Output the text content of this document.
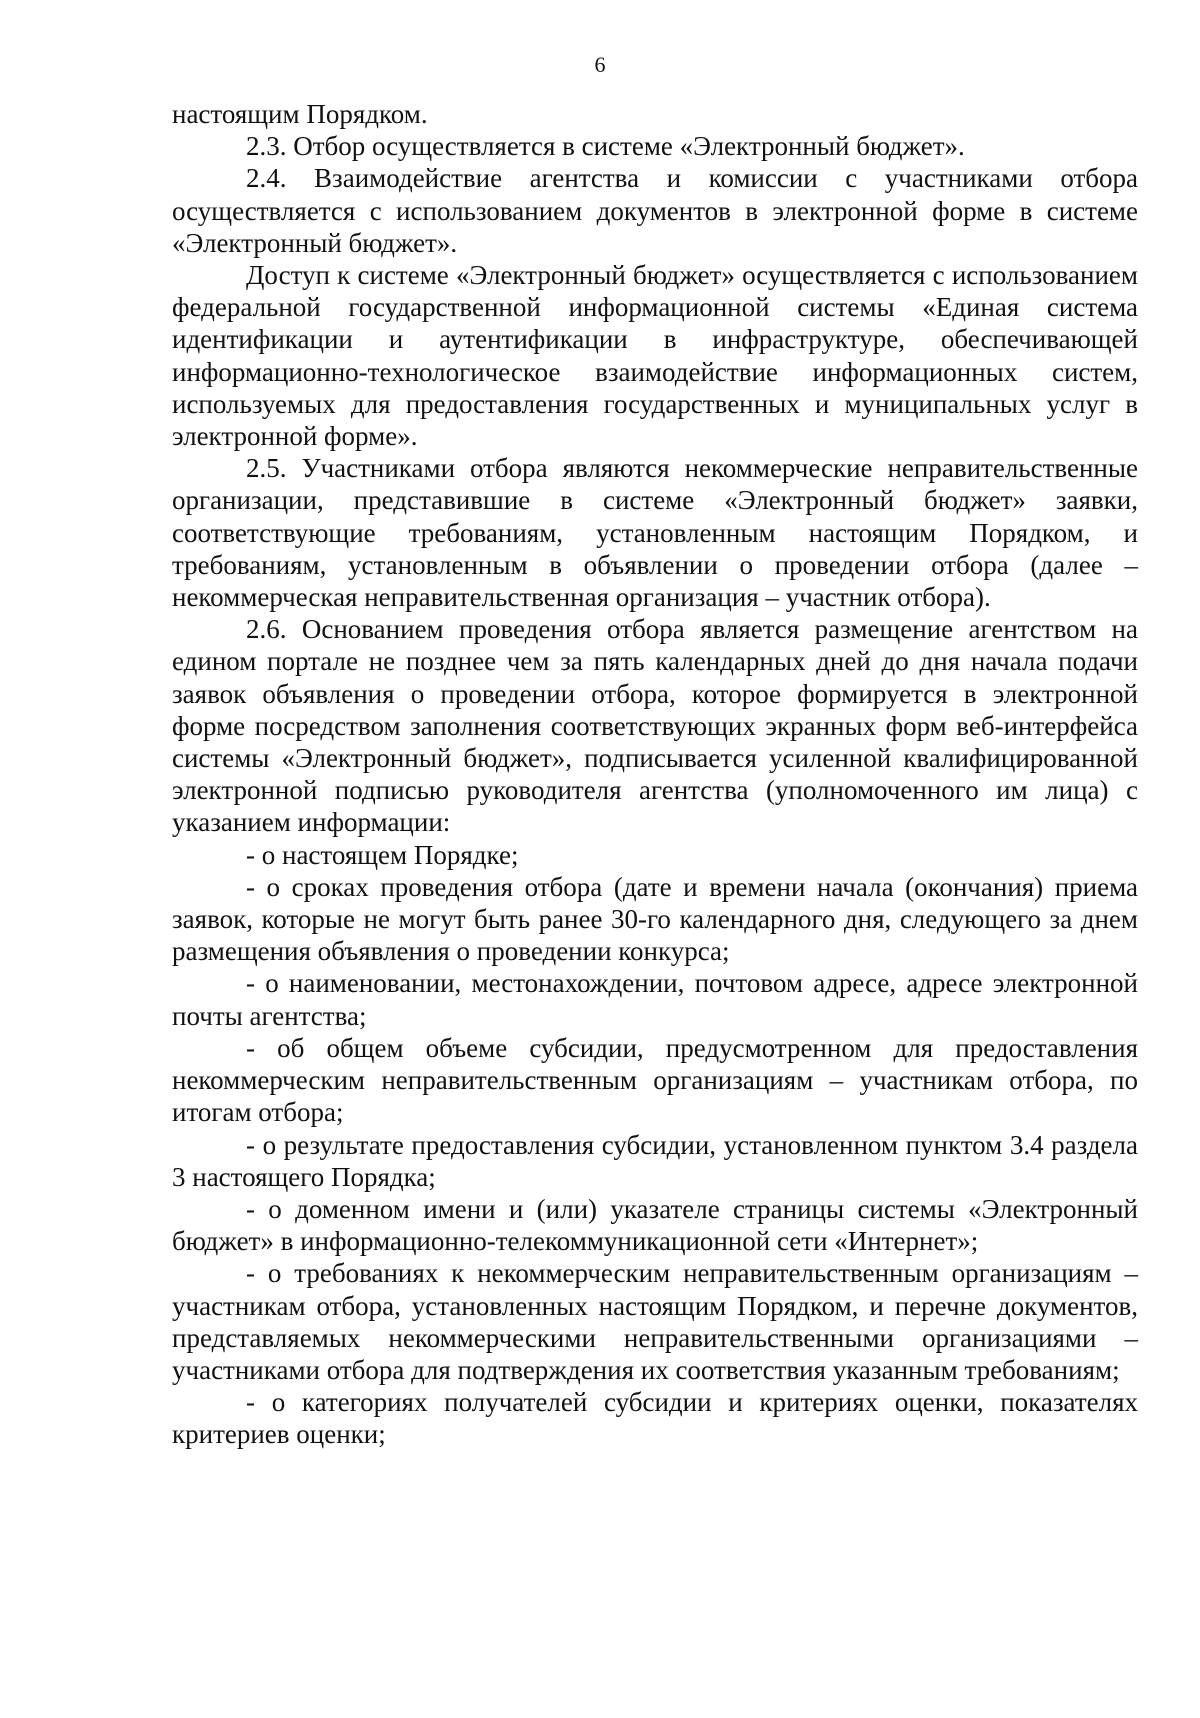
6

настоящим Порядком.

2.3. Отбор осуществляется в системе «Электронный бюджет».

2.4. Взаимодействие агентства и комиссии с участниками отбора осуществляется с использованием документов в электронной форме в системе «Электронный бюджет».

Доступ к системе «Электронный бюджет» осуществляется с использованием федеральной государственной информационной системы «Единая система идентификации и аутентификации в инфраструктуре, обеспечивающей информационно-технологическое взаимодействие информационных систем, используемых для предоставления государственных и муниципальных услуг в электронной форме».

2.5. Участниками отбора являются некоммерческие неправительственные организации, представившие в системе «Электронный бюджет» заявки, соответствующие требованиям, установленным настоящим Порядком, и требованиям, установленным в объявлении о проведении отбора (далее – некоммерческая неправительственная организация – участник отбора).

2.6. Основанием проведения отбора является размещение агентством на едином портале не позднее чем за пять календарных дней до дня начала подачи заявок объявления о проведении отбора, которое формируется в электронной форме посредством заполнения соответствующих экранных форм веб-интерфейса системы «Электронный бюджет», подписывается усиленной квалифицированной электронной подписью руководителя агентства (уполномоченного им лица) с указанием информации:

- о настоящем Порядке;

- о сроках проведения отбора (дате и времени начала (окончания) приема заявок, которые не могут быть ранее 30-го календарного дня, следующего за днем размещения объявления о проведении конкурса;

- о наименовании, местонахождении, почтовом адресе, адресе электронной почты агентства;

- об общем объеме субсидии, предусмотренном для предоставления некоммерческим неправительственным организациям – участникам отбора, по итогам отбора;

- о результате предоставления субсидии, установленном пунктом 3.4 раздела 3 настоящего Порядка;

- о доменном имени и (или) указателе страницы системы «Электронный бюджет» в информационно-телекоммуникационной сети «Интернет»;

- о требованиях к некоммерческим неправительственным организациям – участникам отбора, установленных настоящим Порядком, и перечне документов, представляемых некоммерческими неправительственными организациями – участниками отбора для подтверждения их соответствия указанным требованиям;

- о категориях получателей субсидии и критериях оценки, показателях критериев оценки;
